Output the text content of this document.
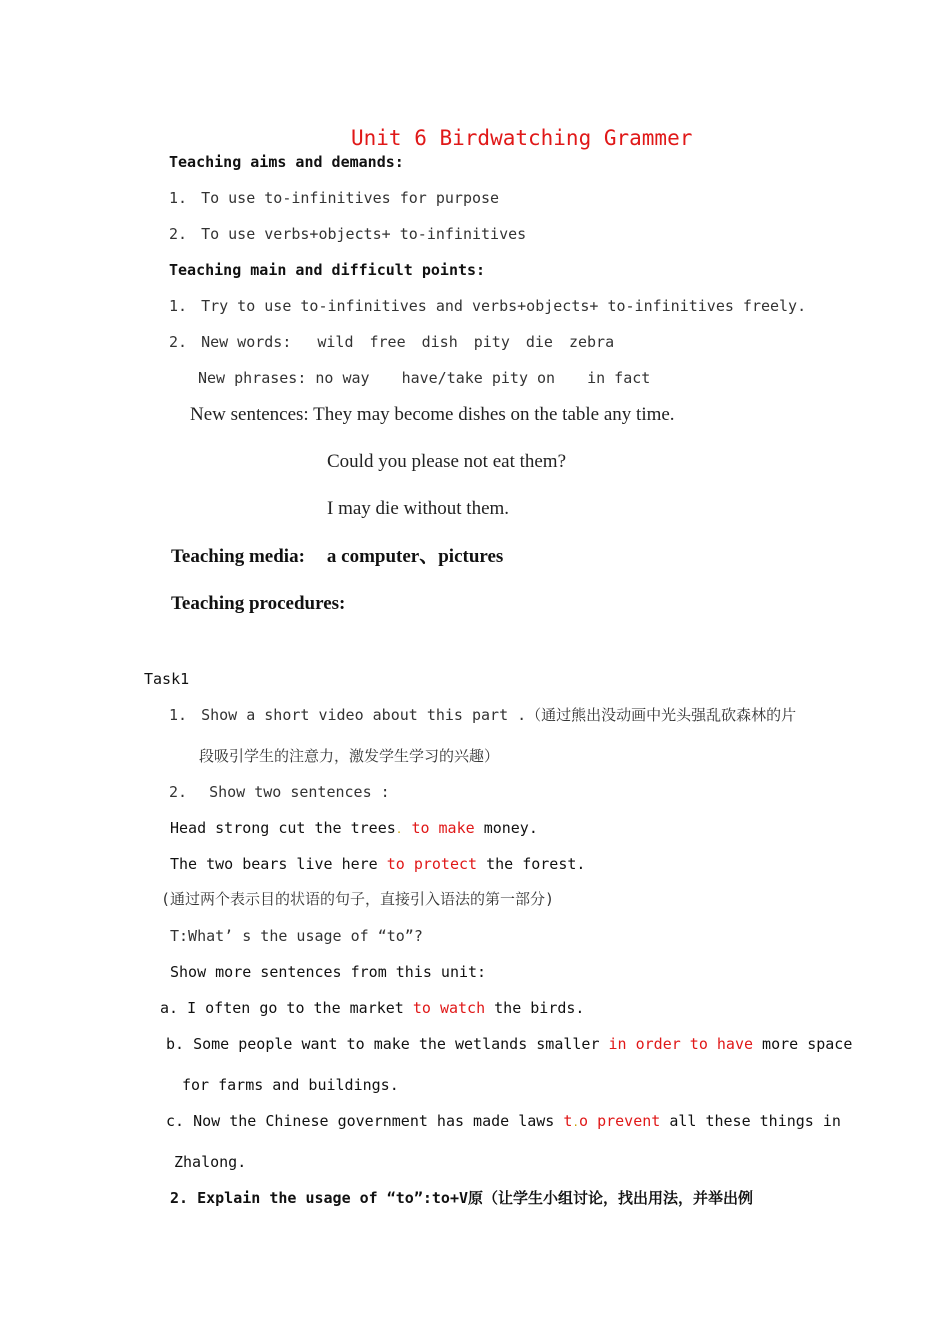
Unit 6 Birdwatching Grammer
Teaching aims and demands:
1. To use to-infinitives for purpose
2. To use verbs+objects+ to-infinitives
Teaching main and difficult points:
1. Try to use to-infinitives and verbs+objects+ to-infinitives freely.
2. New words: wild free dish pity die zebra
New phrases: no way have/take pity on in fact
New sentences: They may become dishes on the table any time.
Could you please not eat them?
I may die without them.
Teaching media: a computer、pictures
Teaching procedures:
Task1
1. Show a short video about this part .（通过熊出没动画中光头强乱砍森林的片
段吸引学生的注意力，激发学生学习的兴趣）
2. Show two sentences :
Head strong cut the trees. to make money.
The two bears live here to protect the forest.
(通过两个表示目的状语的句子，直接引入语法的第一部分)
T:What’ s the usage of “to”?
Show more sentences from this unit:
a. I often go to the market to watch the birds.
b. Some people want to make the wetlands smaller in order to have more space
for farms and buildings.
c. Now the Chinese government has made laws t.o prevent all these things in
Zhalong.
2. Explain the usage of “to”:to+V原（让学生小组讨论，找出用法，并举出例
